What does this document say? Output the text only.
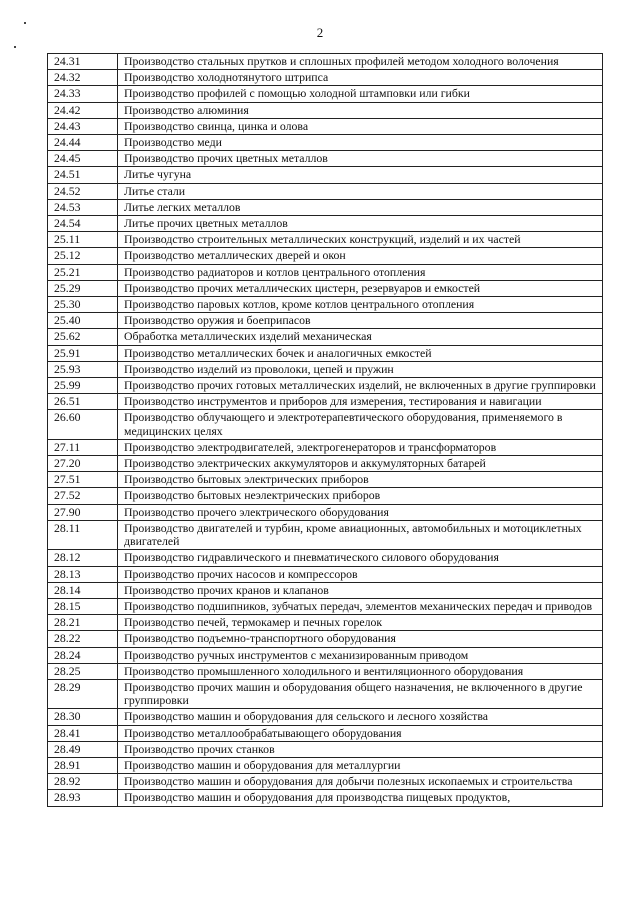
2
24.31	Производство стальных прутков и сплошных профилей методом холодного волочения
24.32	Производство холоднотянутого штрипса
24.33	Производство профилей с помощью холодной штамповки или гибки
24.42	Производство алюминия
24.43	Производство свинца, цинка и олова
24.44	Производство меди
24.45	Производство прочих цветных металлов
24.51	Литье чугуна
24.52	Литье стали
24.53	Литье легких металлов
24.54	Литье прочих цветных металлов
25.11	Производство строительных металлических конструкций, изделий и их частей
25.12	Производство металлических дверей и окон
25.21	Производство радиаторов и котлов центрального отопления
25.29	Производство прочих металлических цистерн, резервуаров и емкостей
25.30	Производство паровых котлов, кроме котлов центрального отопления
25.40	Производство оружия и боеприпасов
25.62	Обработка металлических изделий механическая
25.91	Производство металлических бочек и аналогичных емкостей
25.93	Производство изделий из проволоки, цепей и пружин
25.99	Производство прочих готовых металлических изделий, не включенных в другие группировки
26.51	Производство инструментов и приборов для измерения, тестирования и навигации
26.60	Производство облучающего и электротерапевтического оборудования, применяемого в медицинских целях
27.11	Производство электродвигателей, электрогенераторов и трансформаторов
27.20	Производство электрических аккумуляторов и аккумуляторных батарей
27.51	Производство бытовых электрических приборов
27.52	Производство бытовых неэлектрических приборов
27.90	Производство прочего электрического оборудования
28.11	Производство двигателей и турбин, кроме авиационных, автомобильных и мотоциклетных двигателей
28.12	Производство гидравлического и пневматического силового оборудования
28.13	Производство прочих насосов и компрессоров
28.14	Производство прочих кранов и клапанов
28.15	Производство подшипников, зубчатых передач, элементов механических передач и приводов
28.21	Производство печей, термокамер и печных горелок
28.22	Производство подъемно-транспортного оборудования
28.24	Производство ручных инструментов с механизированным приводом
28.25	Производство промышленного холодильного и вентиляционного оборудования
28.29	Производство прочих машин и оборудования общего назначения, не включенного в другие группировки
28.30	Производство машин и оборудования для сельского и лесного хозяйства
28.41	Производство металлообрабатывающего оборудования
28.49	Производство прочих станков
28.91	Производство машин и оборудования для металлургии
28.92	Производство машин и оборудования для добычи полезных ископаемых и строительства
28.93	Производство машин и оборудования для производства пищевых продуктов,
